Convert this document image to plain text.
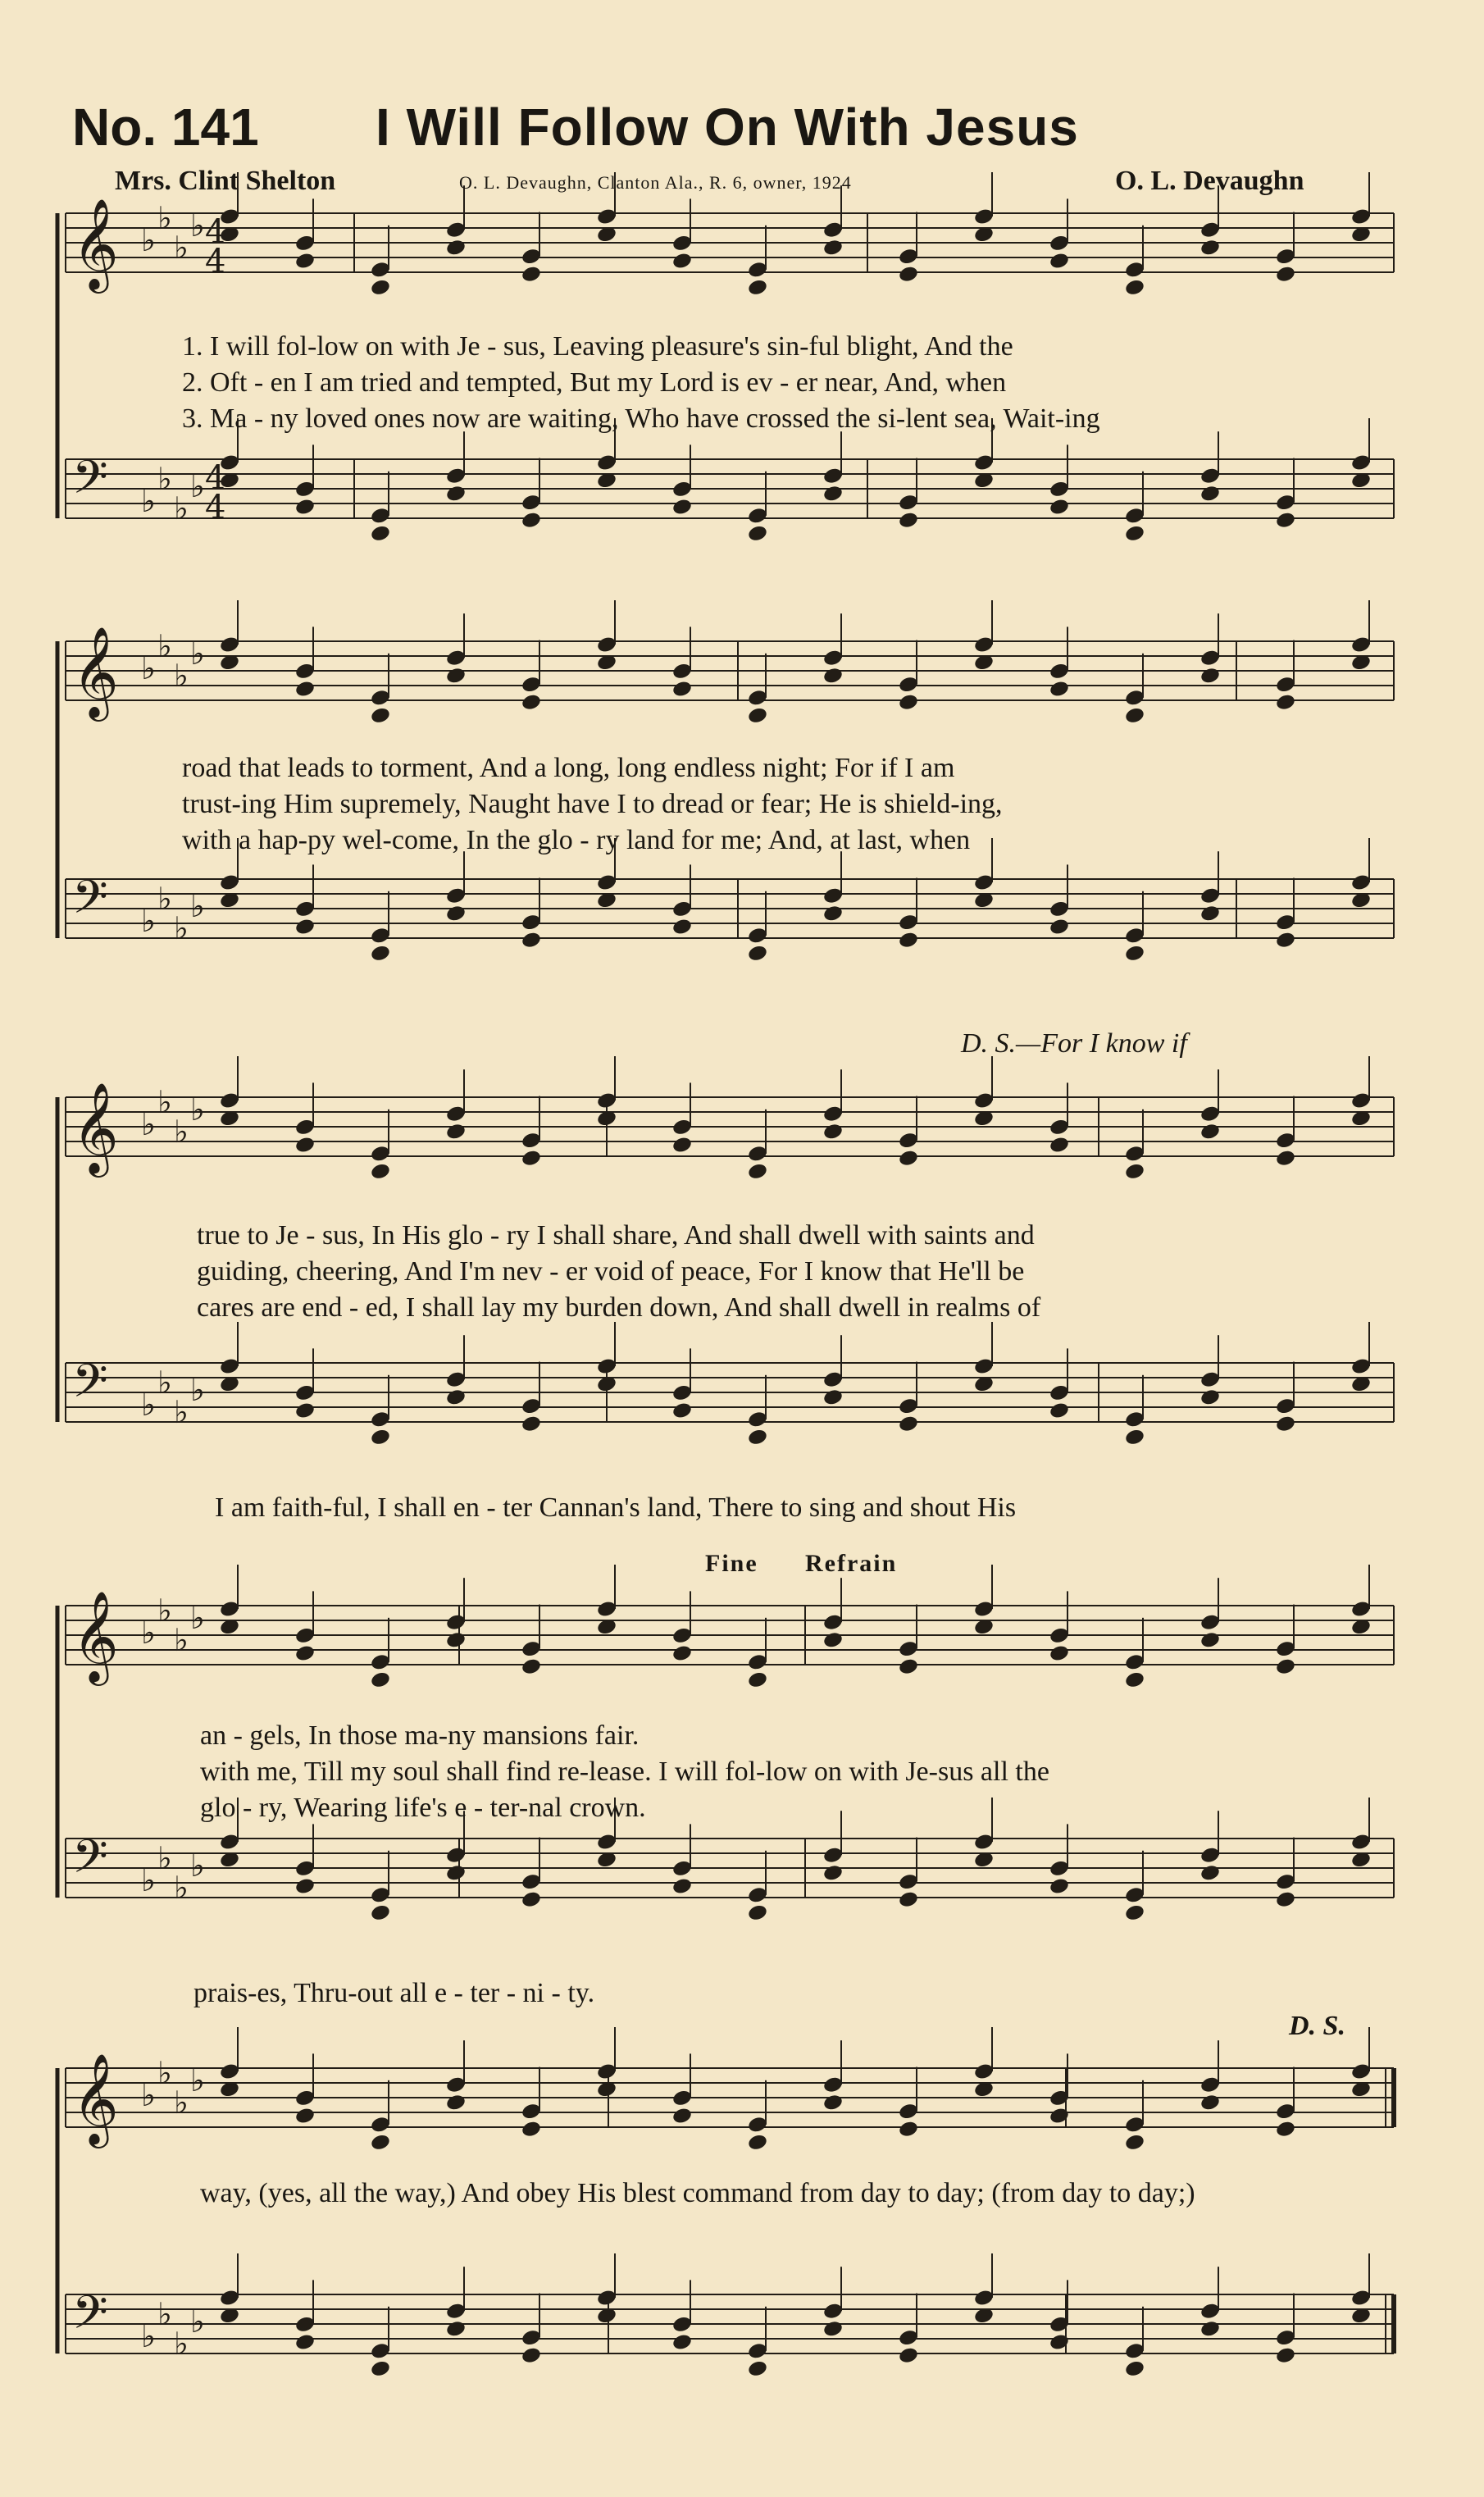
No. 141 I Will Follow On With Jesus
Mrs. Clint Shelton	O. L. Devaughn, Clanton Ala., R. 6, owner, 1924	O. L. Devaughn
𝄞 ♭
♭
♭
♭
𝄢 ♭
♭
♭
♭
4
4
4
4
𝄞 ♭
♭
♭
♭
𝄢 ♭
♭
♭
♭
𝄞 ♭
♭
♭
♭
𝄢 ♭
♭
♭
♭
𝄞 ♭
♭
♭
♭
𝄢 ♭
♭
♭
♭
𝄞 ♭
♭
♭
♭
𝄢 ♭
♭
♭
♭
1. I will fol-low on with Je - sus, Leaving pleasure's sin-ful blight, And the
2. Oft - en I am tried and tempted, But my Lord is ev - er near, And, when
3. Ma - ny loved ones now are waiting, Who have crossed the si-lent sea, Wait-ing
road that leads to torment, And a long, long endless night; For if I am
trust-ing Him supremely, Naught have I to dread or fear; He is shield-ing,
with a hap-py wel-come, In the glo - ry land for me; And, at last, when
D. S.—For I know if
true to Je - sus, In His glo - ry I shall share, And shall dwell with saints and
guiding, cheering, And I'm nev - er void of peace, For I know that He'll be
cares are end - ed, I shall lay my burden down, And shall dwell in realms of
I am faith-ful, I shall en - ter Cannan's land, There to sing and shout His
Fine Refrain
an - gels, In those ma-ny mansions fair.
with me, Till my soul shall find re-lease. I will fol-low on with Je-sus all the
glo - ry, Wearing life's e - ter-nal crown.
prais-es, Thru-out all e - ter - ni - ty.
D. S.
way, (yes, all the way,) And obey His blest command from day to day; (from day to day;)
